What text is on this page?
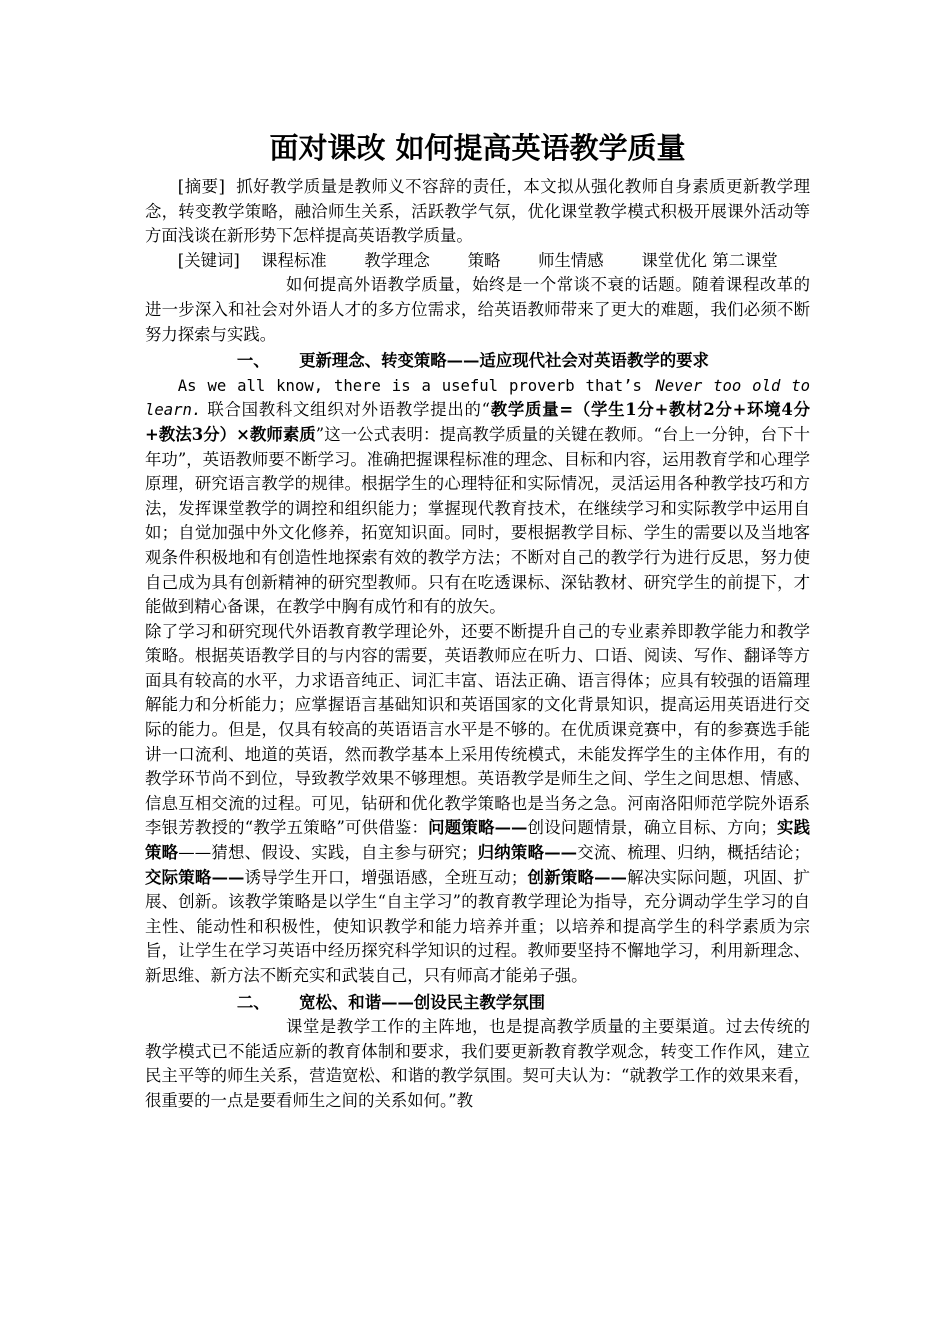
面对课改 如何提高英语教学质量

[摘要] 抓好教学质量是教师义不容辞的责任，本文拟从强化教师自身素质更新教学理念，转变教学策略，融洽师生关系，活跃教学气氛，优化课堂教学模式积极开展课外活动等方面浅谈在新形势下怎样提高英语教学质量。

[关键词] 课程标准 教学理念 策略 师生情感 课堂优化 第二课堂

如何提高外语教学质量，始终是一个常谈不衰的话题。随着课程改革的进一步深入和社会对外语人才的多方位需求，给英语教师带来了更大的难题，我们必须不断努力探索与实践。

一、 更新理念、转变策略——适应现代社会对英语教学的要求

As we all know, there is a useful proverb that’s Never too old to learn. 联合国教科文组织对外语教学提出的“教学质量=（学生1分+教材2分+环境4分+教法3分）×教师素质”这一公式表明：提高教学质量的关键在教师。“台上一分钟，台下十年功”，英语教师要不断学习。准确把握课程标准的理念、目标和内容，运用教育学和心理学原理，研究语言教学的规律。根据学生的心理特征和实际情况，灵活运用各种教学技巧和方法，发挥课堂教学的调控和组织能力；掌握现代教育技术，在继续学习和实际教学中运用自如；自觉加强中外文化修养，拓宽知识面。同时，要根据教学目标、学生的需要以及当地客观条件积极地和有创造性地探索有效的教学方法；不断对自己的教学行为进行反思，努力使自己成为具有创新精神的研究型教师。只有在吃透课标、深钻教材、研究学生的前提下，才能做到精心备课，在教学中胸有成竹和有的放矢。

除了学习和研究现代外语教育教学理论外，还要不断提升自己的专业素养即教学能力和教学策略。根据英语教学目的与内容的需要，英语教师应在听力、口语、阅读、写作、翻译等方面具有较高的水平，力求语音纯正、词汇丰富、语法正确、语言得体；应具有较强的语篇理解能力和分析能力；应掌握语言基础知识和英语国家的文化背景知识，提高运用英语进行交际的能力。但是，仅具有较高的英语语言水平是不够的。在优质课竞赛中，有的参赛选手能讲一口流利、地道的英语，然而教学基本上采用传统模式，未能发挥学生的主体作用，有的教学环节尚不到位，导致教学效果不够理想。英语教学是师生之间、学生之间思想、情感、信息互相交流的过程。可见，钻研和优化教学策略也是当务之急。河南洛阳师范学院外语系李银芳教授的“教学五策略”可供借鉴：问题策略——创设问题情景，确立目标、方向；实践策略——猜想、假设、实践，自主参与研究；归纳策略——交流、梳理、归纳，概括结论；交际策略——诱导学生开口，增强语感，全班互动；创新策略——解决实际问题，巩固、扩展、创新。该教学策略是以学生“自主学习”的教育教学理论为指导，充分调动学生学习的自主性、能动性和积极性，使知识教学和能力培养并重；以培养和提高学生的科学素质为宗旨，让学生在学习英语中经历探究科学知识的过程。教师要坚持不懈地学习，利用新理念、新思维、新方法不断充实和武装自己，只有师高才能弟子强。

二、 宽松、和谐——创设民主教学氛围

课堂是教学工作的主阵地，也是提高教学质量的主要渠道。过去传统的教学模式已不能适应新的教育体制和要求，我们要更新教育教学观念，转变工作作风，建立民主平等的师生关系，营造宽松、和谐的教学氛围。契可夫认为：“就教学工作的效果来看，很重要的一点是要看师生之间的关系如何。”教
